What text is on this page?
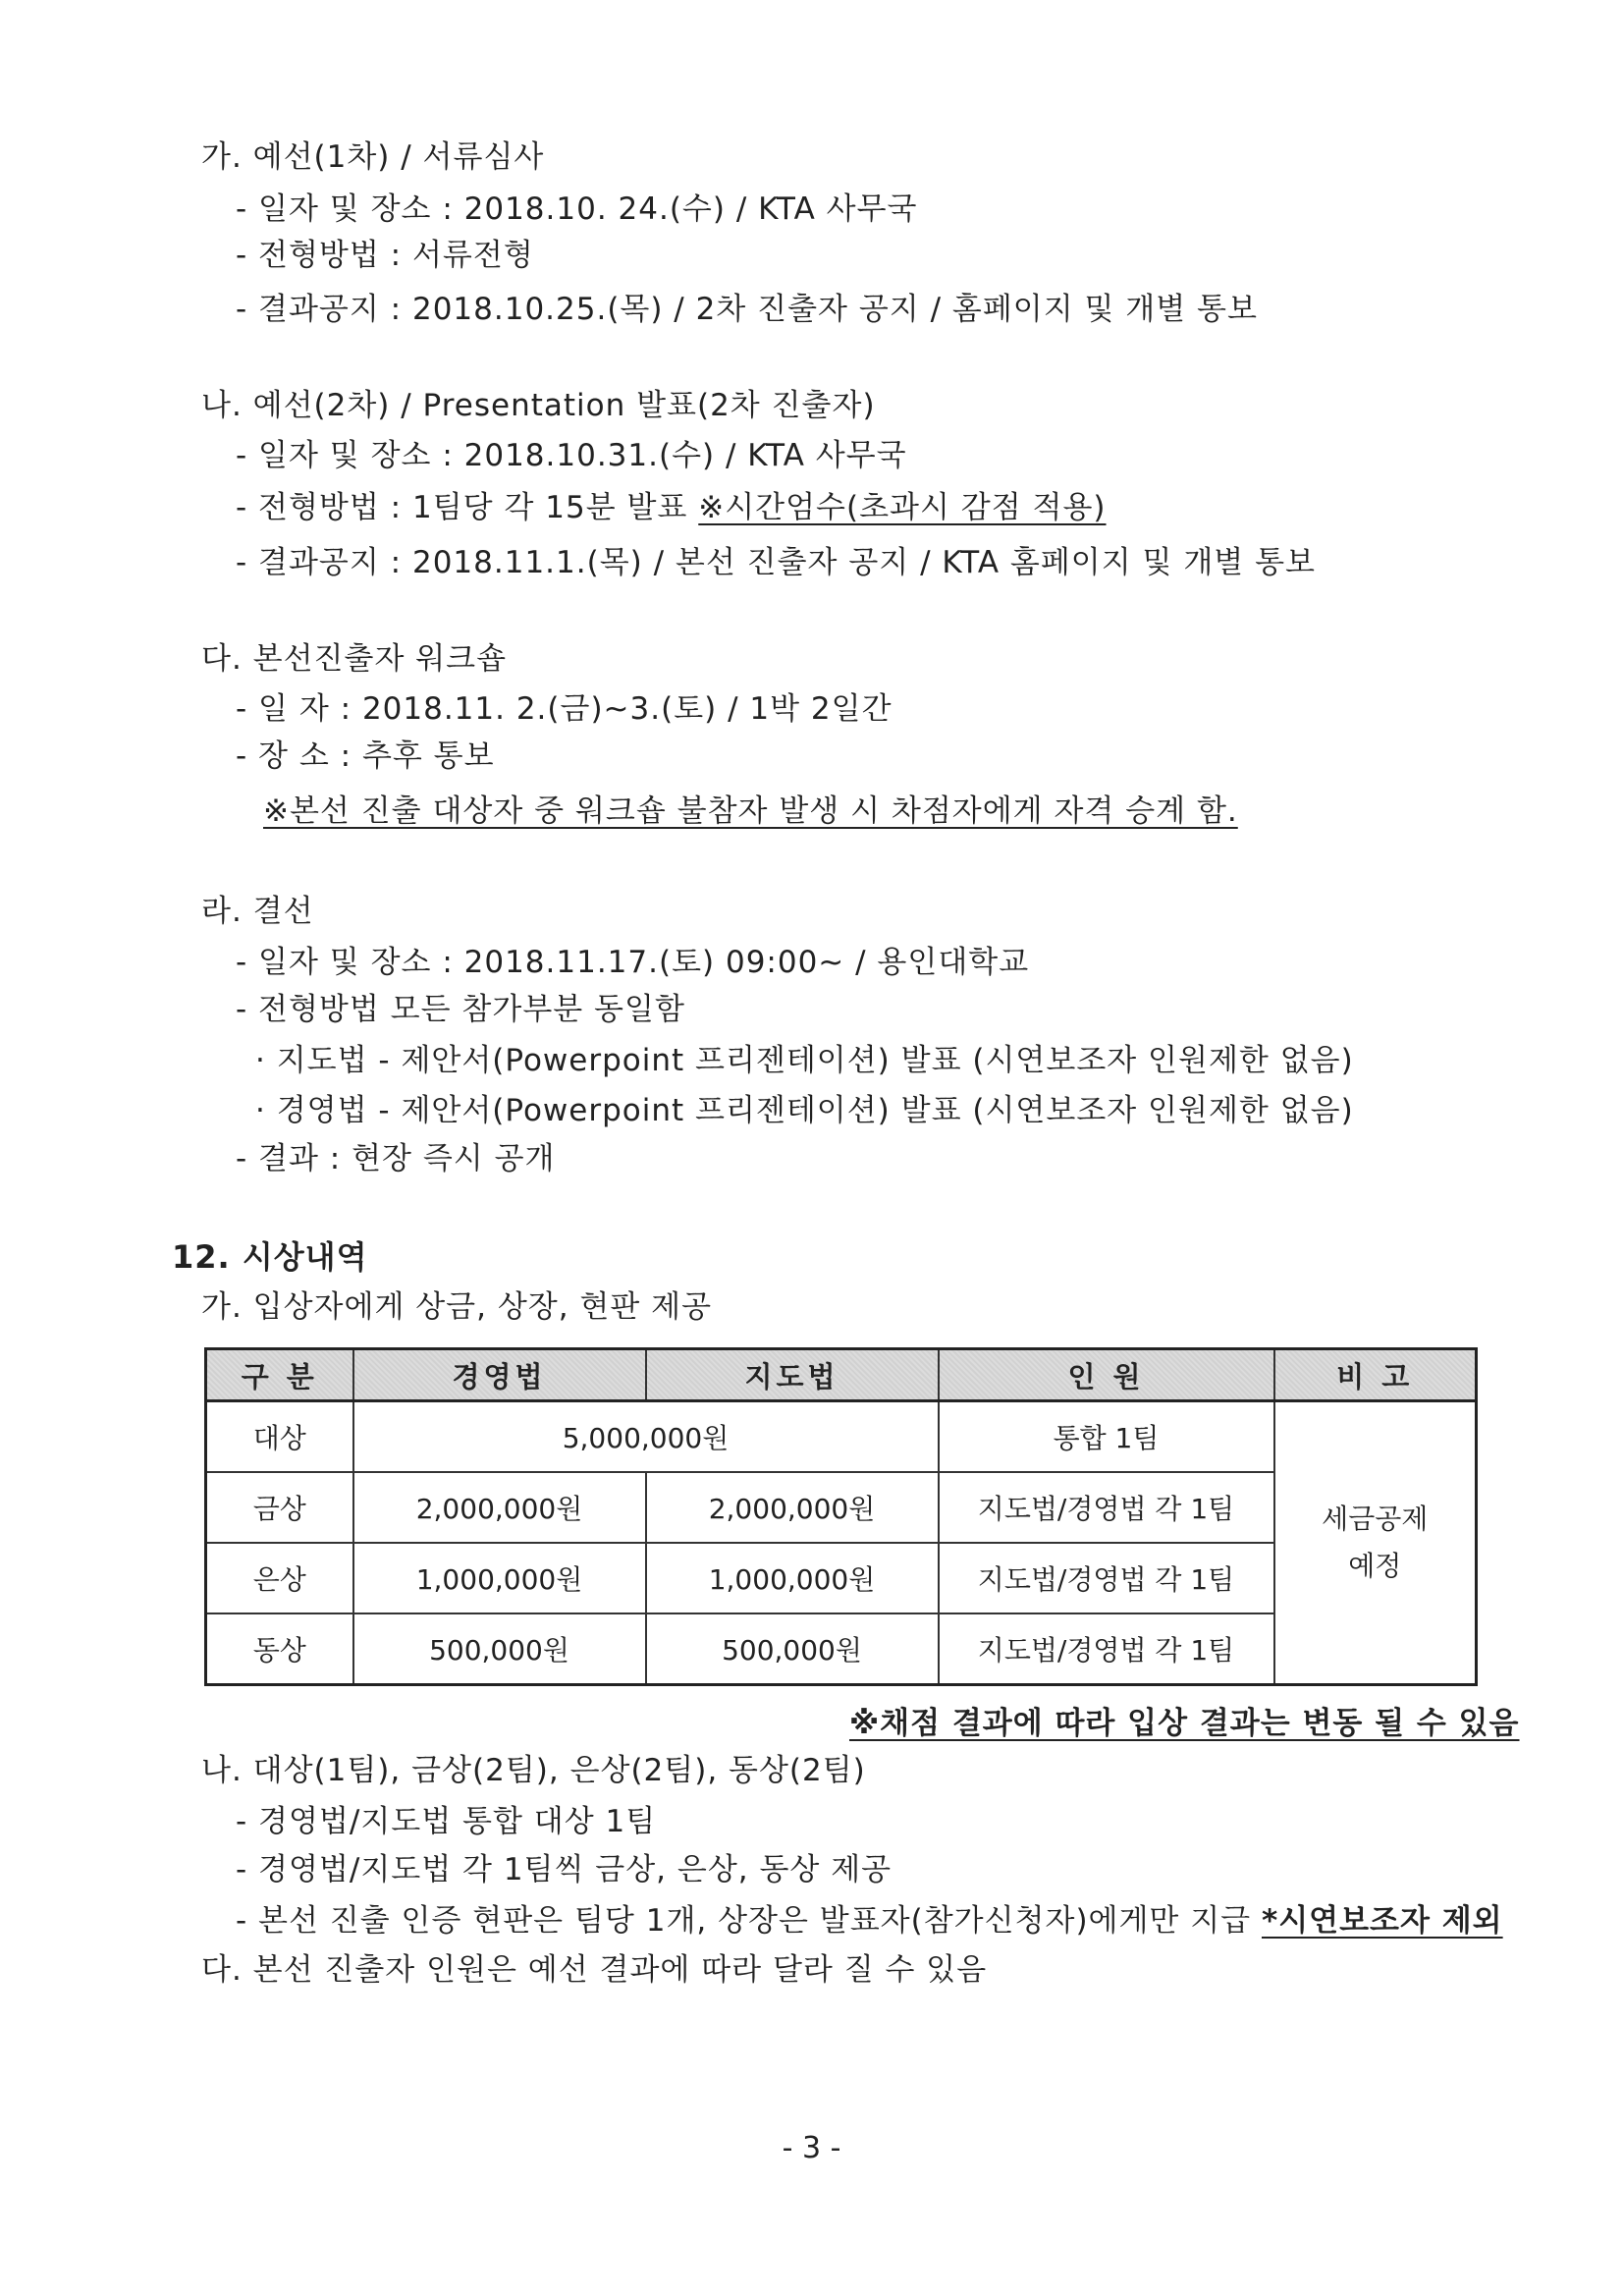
가. 예선(1차) / 서류심사
- 일자 및 장소 : 2018.10. 24.(수) / KTA 사무국
- 전형방법 : 서류전형
- 결과공지 : 2018.10.25.(목) / 2차 진출자 공지 / 홈페이지 및 개별 통보
나. 예선(2차) / Presentation 발표(2차 진출자)
- 일자 및 장소 : 2018.10.31.(수) / KTA 사무국
- 전형방법 : 1팀당 각 15분 발표 ※시간엄수(초과시 감점 적용)
- 결과공지 : 2018.11.1.(목) / 본선 진출자 공지 / KTA 홈페이지 및 개별 통보
다. 본선진출자 워크숍
- 일 자 : 2018.11. 2.(금)~3.(토) / 1박 2일간
- 장 소 : 추후 통보
※본선 진출 대상자 중 워크숍 불참자 발생 시 차점자에게 자격 승계 함.
라. 결선
- 일자 및 장소 : 2018.11.17.(토) 09:00~ / 용인대학교
- 전형방법 모든 참가부분 동일함
· 지도법 - 제안서(Powerpoint 프리젠테이션) 발표 (시연보조자 인원제한 없음)
· 경영법 - 제안서(Powerpoint 프리젠테이션) 발표 (시연보조자 인원제한 없음)
- 결과 : 현장 즉시 공개
12. 시상내역
가. 입상자에게 상금, 상장, 현판 제공
구 분	경영법	지도법	인 원	비 고
대상	5,000,000원		통합 1팀	세금공제
예정

금상	2,000,000원	2,000,000원	지도법/경영법 각 1팀	
은상	1,000,000원	1,000,000원	지도법/경영법 각 1팀	
동상	500,000원	500,000원	지도법/경영법 각 1팀	
※채점 결과에 따라 입상 결과는 변동 될 수 있음
나. 대상(1팀), 금상(2팀), 은상(2팀), 동상(2팀)
- 경영법/지도법 통합 대상 1팀
- 경영법/지도법 각 1팀씩 금상, 은상, 동상 제공
- 본선 진출 인증 현판은 팀당 1개, 상장은 발표자(참가신청자)에게만 지급 *시연보조자 제외
다. 본선 진출자 인원은 예선 결과에 따라 달라 질 수 있음
- 3 -
